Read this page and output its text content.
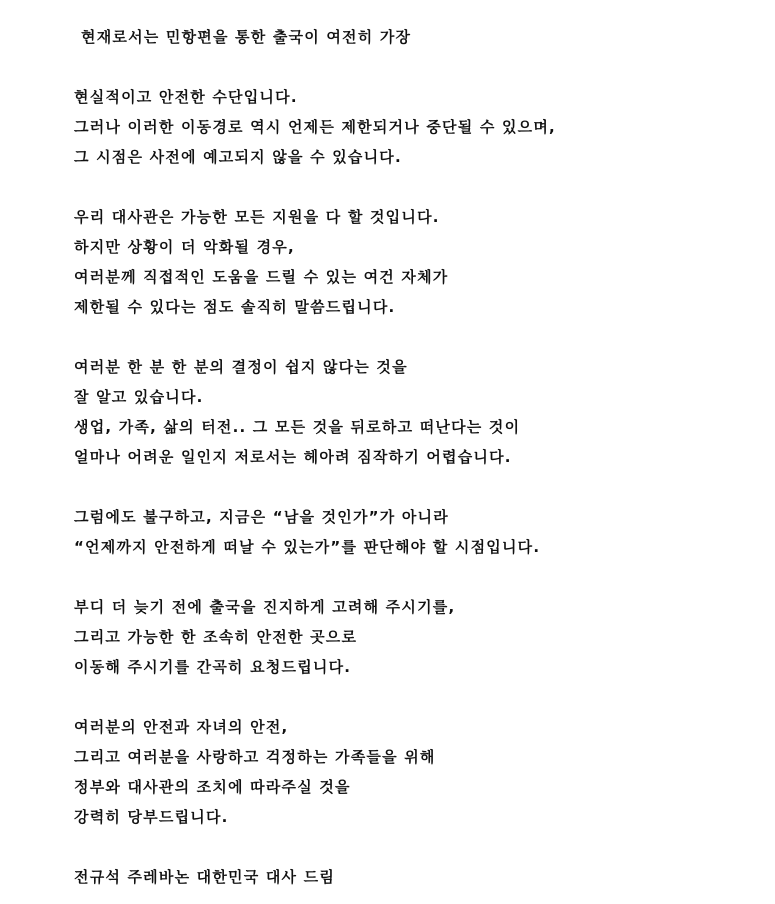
현재로서는 민항편을 통한 출국이 여전히 가장
현실적이고 안전한 수단입니다.
그러나 이러한 이동경로 역시 언제든 제한되거나 중단될 수 있으며,
그 시점은 사전에 예고되지 않을 수 있습니다.
우리 대사관은 가능한 모든 지원을 다 할 것입니다.
하지만 상황이 더 악화될 경우,
여러분께 직접적인 도움을 드릴 수 있는 여건 자체가
제한될 수 있다는 점도 솔직히 말씀드립니다.
여러분 한 분 한 분의 결정이 쉽지 않다는 것을
잘 알고 있습니다.
생업, 가족, 삶의 터전.. 그 모든 것을 뒤로하고 떠난다는 것이
얼마나 어려운 일인지 저로서는 헤아려 짐작하기 어렵습니다.
그럼에도 불구하고, 지금은 “남을 것인가”가 아니라
“언제까지 안전하게 떠날 수 있는가”를 판단해야 할 시점입니다.
부디 더 늦기 전에 출국을 진지하게 고려해 주시기를,
그리고 가능한 한 조속히 안전한 곳으로
이동해 주시기를 간곡히 요청드립니다.
여러분의 안전과 자녀의 안전,
그리고 여러분을 사랑하고 걱정하는 가족들을 위해
정부와 대사관의 조치에 따라주실 것을
강력히 당부드립니다.
전규석 주레바논 대한민국 대사 드림
